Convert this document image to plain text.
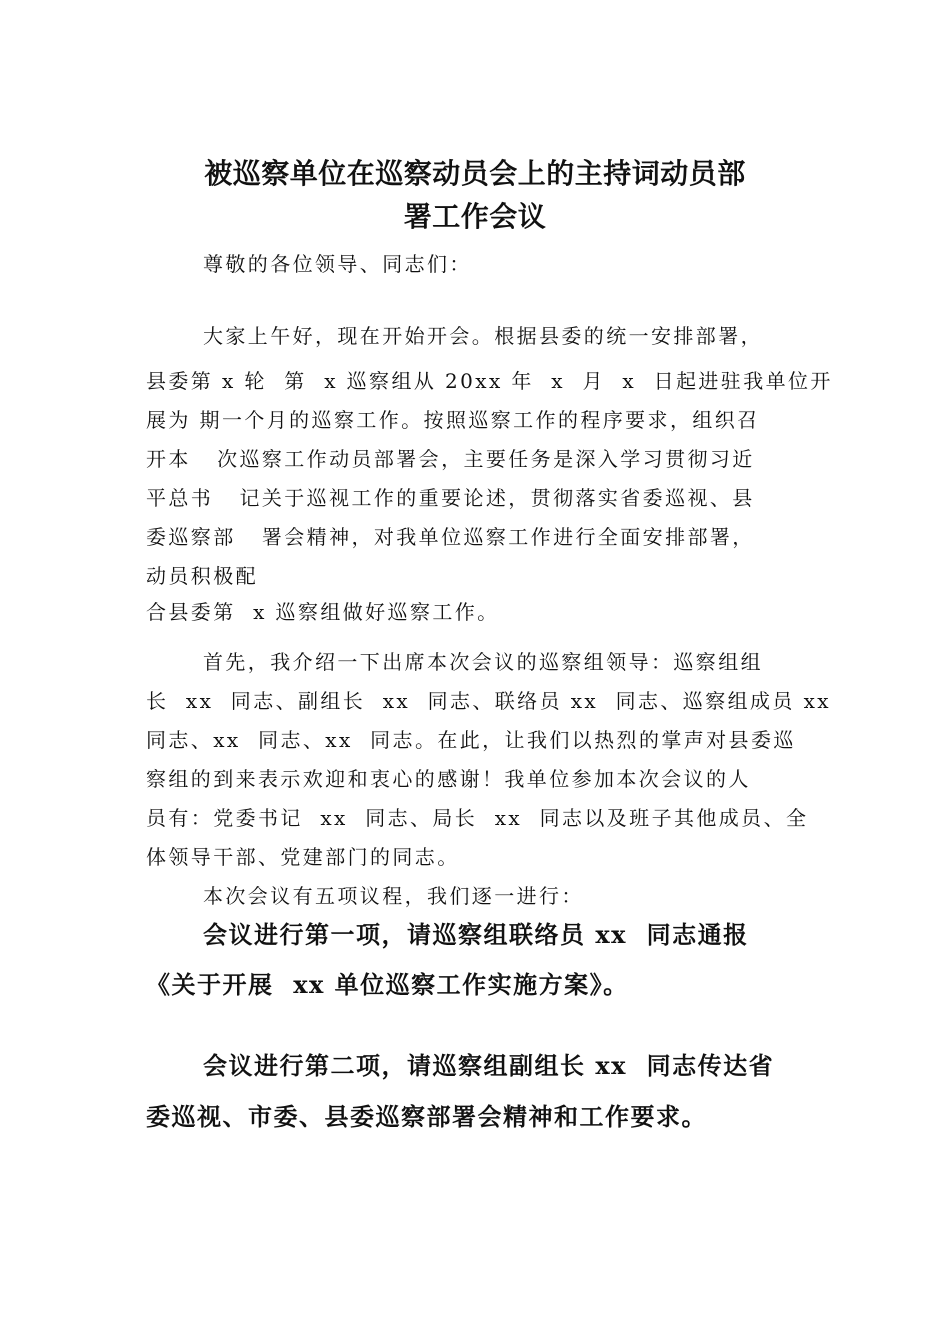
被巡察单位在巡察动员会上的主持词动员部
署工作会议
尊敬的各位领导、同志们：
大家上午好，现在开始开会。根据县委的统一安排部署，
县委第 x 轮  第  x 巡察组从 20xx 年  x  月  x  日起进驻我单位开
展为 期一个月的巡察工作。按照巡察工作的程序要求，组织召
开本   次巡察工作动员部署会，主要任务是深入学习贯彻习近
平总书   记关于巡视工作的重要论述，贯彻落实省委巡视、县
委巡察部   署会精神，对我单位巡察工作进行全面安排部署，
动员积极配
合县委第  x 巡察组做好巡察工作。
首先，我介绍一下出席本次会议的巡察组领导：巡察组组
长  xx  同志、副组长  xx  同志、联络员 xx  同志、巡察组成员 xx
同志、xx  同志、xx  同志。在此，让我们以热烈的掌声对县委巡
察组的到来表示欢迎和衷心的感谢！我单位参加本次会议的人
员有：党委书记  xx  同志、局长  xx  同志以及班子其他成员、全
体领导干部、党建部门的同志。
本次会议有五项议程，我们逐一进行：
会议进行第一项，请巡察组联络员 xx  同志通报
《关于开展  xx 单位巡察工作实施方案》。
会议进行第二项，请巡察组副组长 xx  同志传达省
委巡视、市委、县委巡察部署会精神和工作要求。
